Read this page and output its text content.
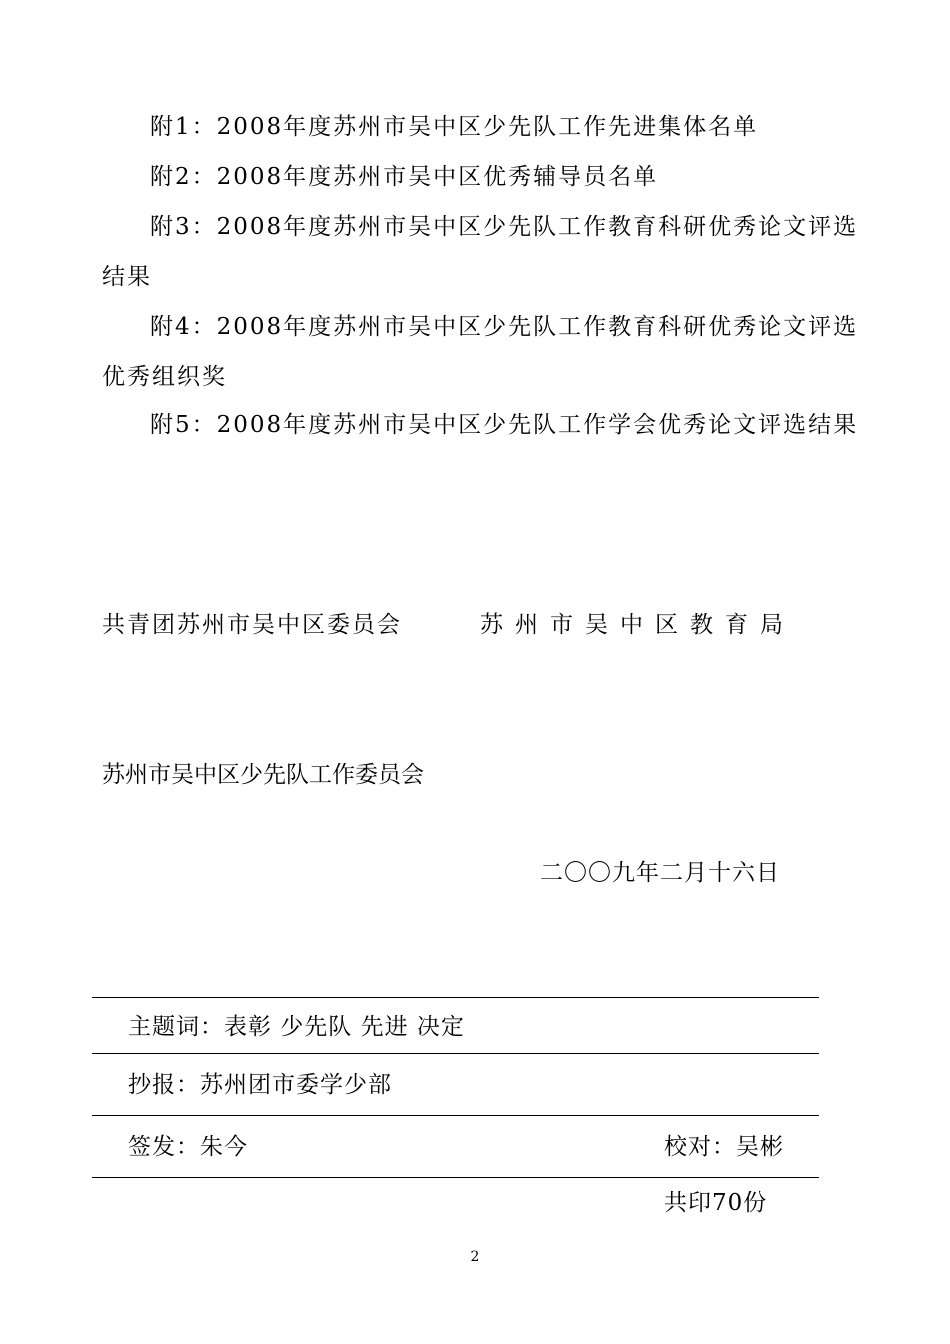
附1：2008年度苏州市吴中区少先队工作先进集体名单
附2：2008年度苏州市吴中区优秀辅导员名单
附3：2008年度苏州市吴中区少先队工作教育科研优秀论文评选
结果
附4：2008年度苏州市吴中区少先队工作教育科研优秀论文评选
优秀组织奖
附5：2008年度苏州市吴中区少先队工作学会优秀论文评选结果
共青团苏州市吴中区委员会	苏州市吴中区教育局
苏州市吴中区少先队工作委员会
二〇〇九年二月十六日
主题词：表彰 少先队 先进 决定
抄报：苏州团市委学少部
签发：朱今	校对：吴彬
共印70份
2
